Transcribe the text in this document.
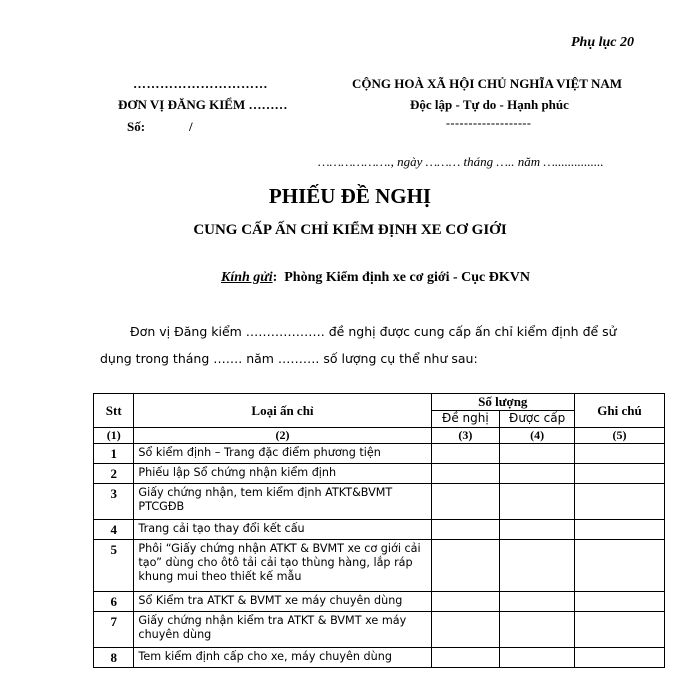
Phụ lục 20
…………………………
ĐƠN VỊ ĐĂNG KIỂM ………
Số:	/
CỘNG HOÀ XÃ HỘI CHỦ NGHĨA VIỆT NAM
Độc lập - Tự do - Hạnh phúc
-------------------
………………., ngày ……… tháng ….. năm …...............
PHIẾU ĐỀ NGHỊ
CUNG CẤP ẤN CHỈ KIỂM ĐỊNH XE CƠ GIỚI
Kính gửi: Phòng Kiểm định xe cơ giới - Cục ĐKVN
Đơn vị Đăng kiểm ………………. đề nghị được cung cấp ấn chỉ kiểm định để sử dụng trong tháng ……. năm ………. số lượng cụ thể như sau:
Stt	Loại ấn chỉ	Số lượng		Ghi chú
		Đề nghị	Được cấp	
(1)	(2)	(3)	(4)	(5)
1	Sổ kiểm định – Trang đặc điểm phương tiện			
2	Phiếu lập Sổ chứng nhận kiểm định			
3	Giấy chứng nhận, tem kiểm định ATKT&BVMT PTCGĐB			
4	Trang cải tạo thay đổi kết cấu			
5	Phôi “Giấy chứng nhận ATKT & BVMT xe cơ giới cải tạo” dùng cho ôtô tải cải tạo thùng hàng, lắp ráp khung mui theo thiết kế mẫu			
6	Sổ Kiểm tra ATKT & BVMT xe máy chuyên dùng			
7	Giấy chứng nhận kiểm tra ATKT & BVMT xe máy chuyên dùng			
8	Tem kiểm định cấp cho xe, máy chuyên dùng			
